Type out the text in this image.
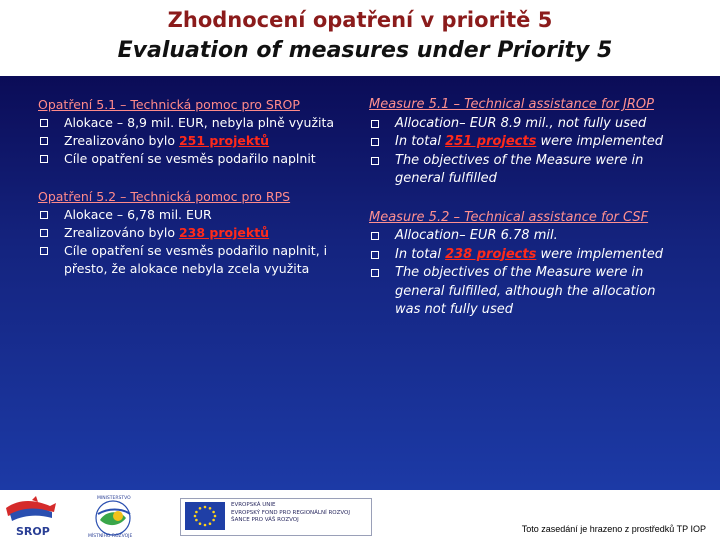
Zhodnocení opatření v prioritě 5
Evaluation of measures under Priority 5
Opatření 5.1 – Technická pomoc pro SROP
Alokace – 8,9 mil. EUR, nebyla plně využita
Zrealizováno bylo 251 projektů
Cíle opatření se vesměs podařilo naplnit
Opatření 5.2 – Technická pomoc pro RPS
Alokace – 6,78 mil. EUR
Zrealizováno bylo 238 projektů
Cíle opatření se vesměs podařilo naplnit, i přesto, že alokace nebyla zcela využita
Measure 5.1 – Technical assistance for JROP
Allocation– EUR 8.9 mil., not fully used
In total 251 projects were implemented
The objectives of the Measure were in general fulfilled
Measure 5.2 – Technical assistance for CSF
Allocation– EUR 6.78 mil.
In total 238 projects were implemented
The objectives of the Measure were in general fulfilled, although the allocation was not fully used
SROP
MINISTERSTVO
MÍSTNÍHO ROZVOJE
EVROPSKÁ UNIE
EVROPSKÝ FOND PRO REGIONÁLNÍ ROZVOJ
ŠANCE PRO VÁŠ ROZVOJ
Toto zasedání je hrazeno z prostředků TP IOP
